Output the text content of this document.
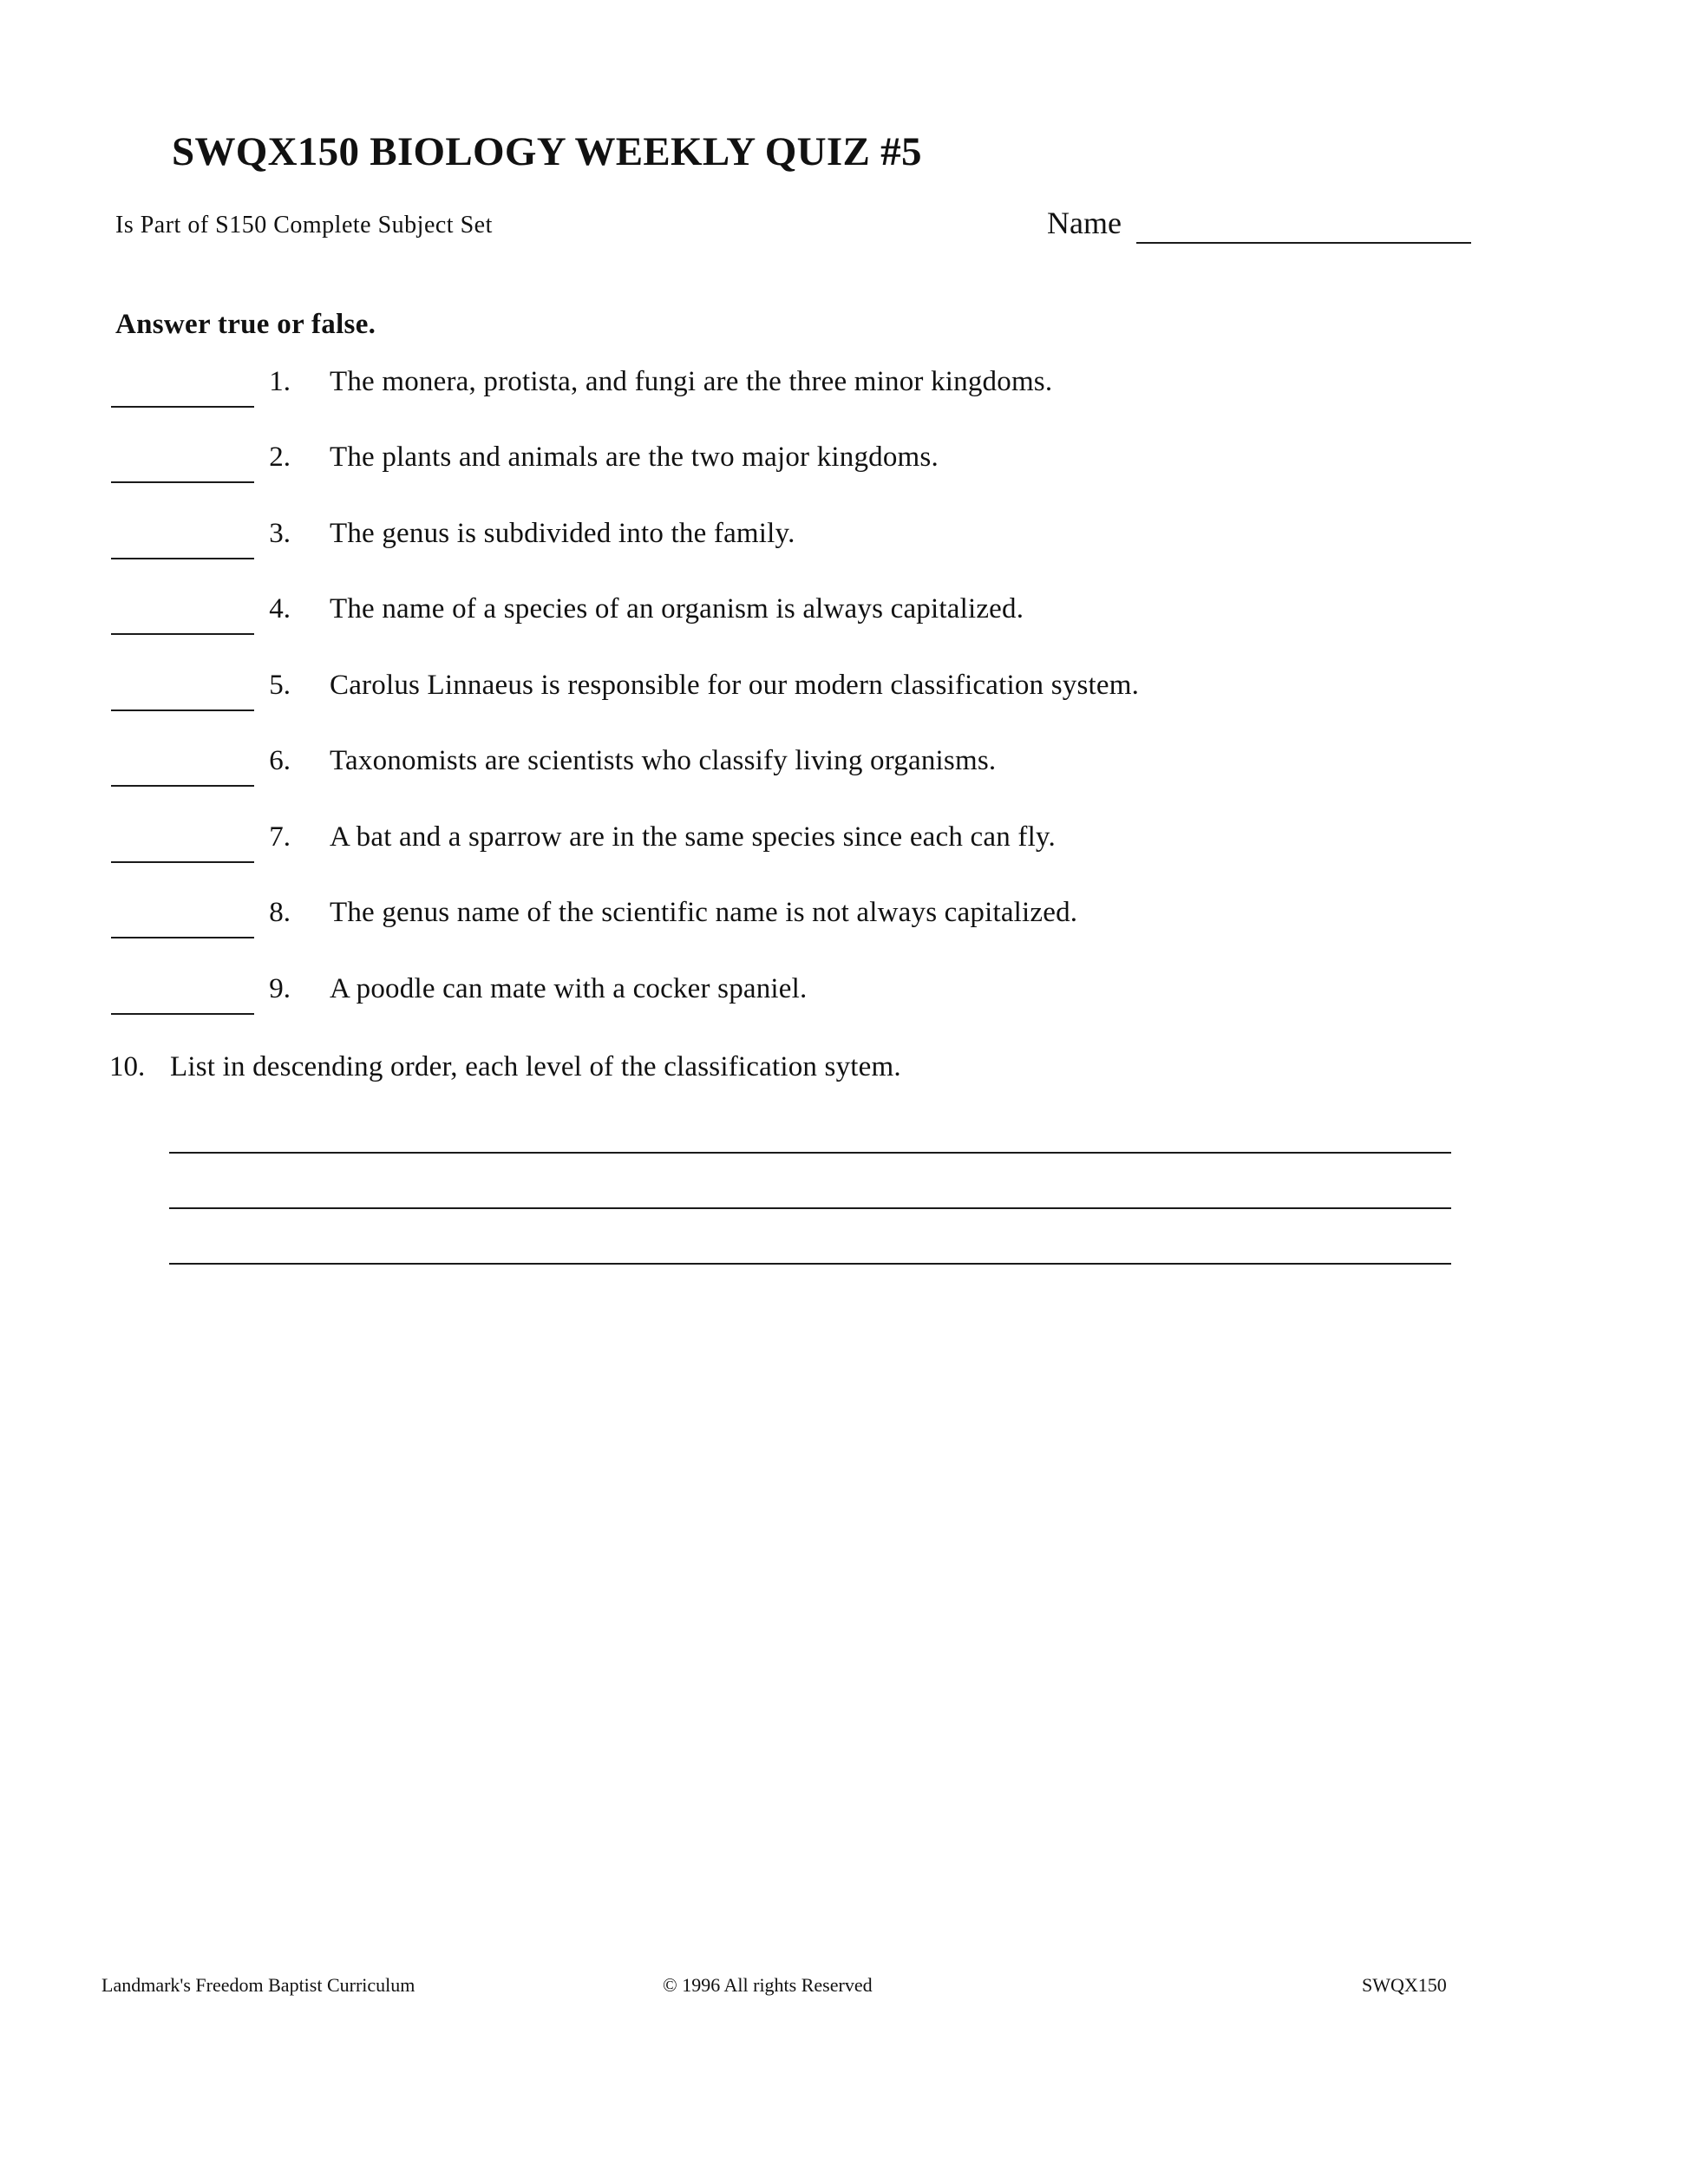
SWQX150 BIOLOGY WEEKLY QUIZ #5
Is Part of S150 Complete Subject Set	Name
Answer true or false.
1. The monera, protista, and fungi are the three minor kingdoms.
2. The plants and animals are the two major kingdoms.
3. The genus is subdivided into the family.
4. The name of a species of an organism is always capitalized.
5. Carolus Linnaeus is responsible for our modern classification system.
6. Taxonomists are scientists who classify living organisms.
7. A bat and a sparrow are in the same species since each can fly.
8. The genus name of the scientific name is not always capitalized.
9. A poodle can mate with a cocker spaniel.
10. List in descending order, each level of the classification sytem.
Landmark's Freedom Baptist Curriculum	© 1996 All rights Reserved	SWQX150
